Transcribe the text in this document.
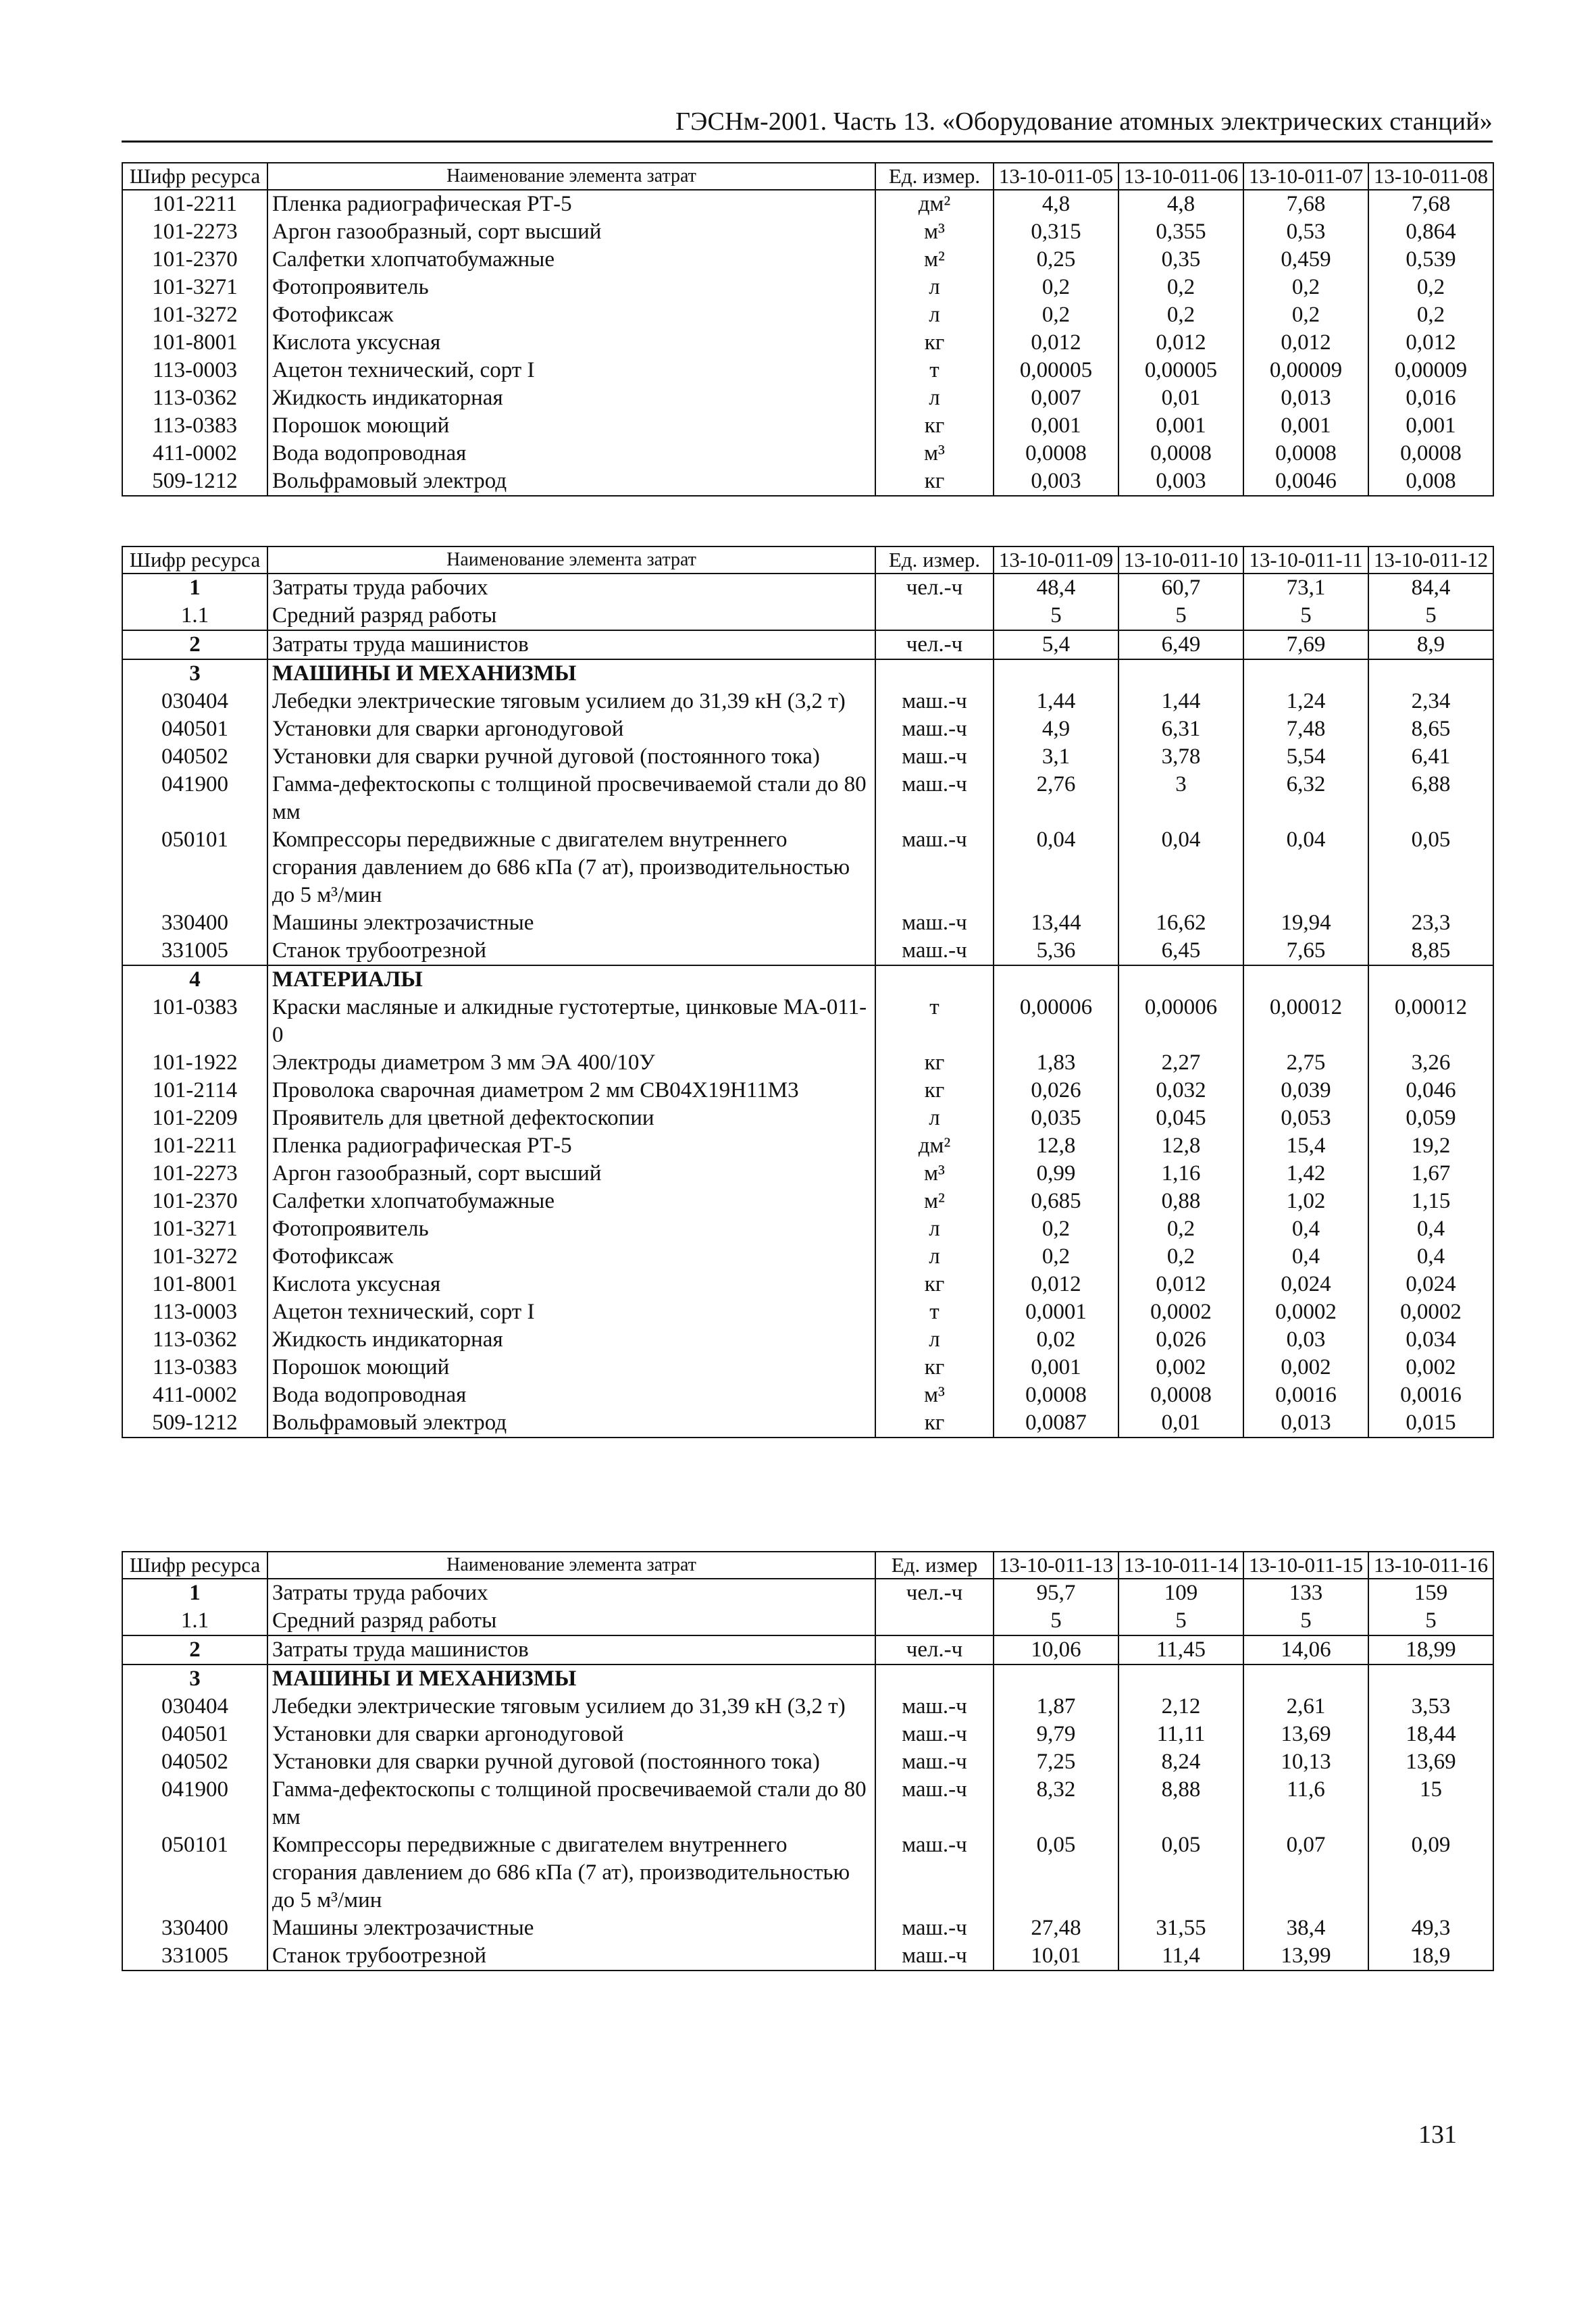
ГЭСНм-2001. Часть 13. «Оборудование атомных электрических станций»
Шифр ресурса	Наименование элемента затрат	Ед. измер.	13-10-011-05	13-10-011-06	13-10-011-07	13-10-011-08
101-2211	Пленка радиографическая РТ-5	дм²	4,8	4,8	7,68	7,68
101-2273	Аргон газообразный, сорт высший	м³	0,315	0,355	0,53	0,864
101-2370	Салфетки хлопчатобумажные	м²	0,25	0,35	0,459	0,539
101-3271	Фотопроявитель	л	0,2	0,2	0,2	0,2
101-3272	Фотофиксаж	л	0,2	0,2	0,2	0,2
101-8001	Кислота уксусная	кг	0,012	0,012	0,012	0,012
113-0003	Ацетон технический, сорт I	т	0,00005	0,00005	0,00009	0,00009
113-0362	Жидкость индикаторная	л	0,007	0,01	0,013	0,016
113-0383	Порошок моющий	кг	0,001	0,001	0,001	0,001
411-0002	Вода водопроводная	м³	0,0008	0,0008	0,0008	0,0008
509-1212	Вольфрамовый электрод	кг	0,003	0,003	0,0046	0,008
Шифр ресурса	Наименование элемента затрат	Ед. измер.	13-10-011-09	13-10-011-10	13-10-011-11	13-10-011-12
1	Затраты труда рабочих	чел.-ч	48,4	60,7	73,1	84,4
1.1	Средний разряд работы		5	5	5	5
2	Затраты труда машинистов	чел.-ч	5,4	6,49	7,69	8,9
3	МАШИНЫ И МЕХАНИЗМЫ					
030404	Лебедки электрические тяговым усилием до 31,39 кН (3,2 т)	маш.-ч	1,44	1,44	1,24	2,34
040501	Установки для сварки аргонодуговой	маш.-ч	4,9	6,31	7,48	8,65
040502	Установки для сварки ручной дуговой (постоянного тока)	маш.-ч	3,1	3,78	5,54	6,41
041900	Гамма-дефектоскопы с толщиной просвечиваемой стали до 80 мм	маш.-ч	2,76	3	6,32	6,88
050101	Компрессоры передвижные с двигателем внутреннего сгорания давлением до 686 кПа (7 ат), производительностью до 5 м³/мин	маш.-ч	0,04	0,04	0,04	0,05
330400	Машины электрозачистные	маш.-ч	13,44	16,62	19,94	23,3
331005	Станок трубоотрезной	маш.-ч	5,36	6,45	7,65	8,85
4	МАТЕРИАЛЫ					
101-0383	Краски масляные и алкидные густотертые, цинковые МА-011-0	т	0,00006	0,00006	0,00012	0,00012
101-1922	Электроды диаметром 3 мм ЭА 400/10У	кг	1,83	2,27	2,75	3,26
101-2114	Проволока сварочная диаметром 2 мм СВ04Х19Н11М3	кг	0,026	0,032	0,039	0,046
101-2209	Проявитель для цветной дефектоскопии	л	0,035	0,045	0,053	0,059
101-2211	Пленка радиографическая РТ-5	дм²	12,8	12,8	15,4	19,2
101-2273	Аргон газообразный, сорт высший	м³	0,99	1,16	1,42	1,67
101-2370	Салфетки хлопчатобумажные	м²	0,685	0,88	1,02	1,15
101-3271	Фотопроявитель	л	0,2	0,2	0,4	0,4
101-3272	Фотофиксаж	л	0,2	0,2	0,4	0,4
101-8001	Кислота уксусная	кг	0,012	0,012	0,024	0,024
113-0003	Ацетон технический, сорт I	т	0,0001	0,0002	0,0002	0,0002
113-0362	Жидкость индикаторная	л	0,02	0,026	0,03	0,034
113-0383	Порошок моющий	кг	0,001	0,002	0,002	0,002
411-0002	Вода водопроводная	м³	0,0008	0,0008	0,0016	0,0016
509-1212	Вольфрамовый электрод	кг	0,0087	0,01	0,013	0,015
Шифр ресурса	Наименование элемента затрат	Ед. измер	13-10-011-13	13-10-011-14	13-10-011-15	13-10-011-16
1	Затраты труда рабочих	чел.-ч	95,7	109	133	159
1.1	Средний разряд работы		5	5	5	5
2	Затраты труда машинистов	чел.-ч	10,06	11,45	14,06	18,99
3	МАШИНЫ И МЕХАНИЗМЫ					
030404	Лебедки электрические тяговым усилием до 31,39 кН (3,2 т)	маш.-ч	1,87	2,12	2,61	3,53
040501	Установки для сварки аргонодуговой	маш.-ч	9,79	11,11	13,69	18,44
040502	Установки для сварки ручной дуговой (постоянного тока)	маш.-ч	7,25	8,24	10,13	13,69
041900	Гамма-дефектоскопы с толщиной просвечиваемой стали до 80 мм	маш.-ч	8,32	8,88	11,6	15
050101	Компрессоры передвижные с двигателем внутреннего сгорания давлением до 686 кПа (7 ат), производительностью до 5 м³/мин	маш.-ч	0,05	0,05	0,07	0,09
330400	Машины электрозачистные	маш.-ч	27,48	31,55	38,4	49,3
331005	Станок трубоотрезной	маш.-ч	10,01	11,4	13,99	18,9
131
